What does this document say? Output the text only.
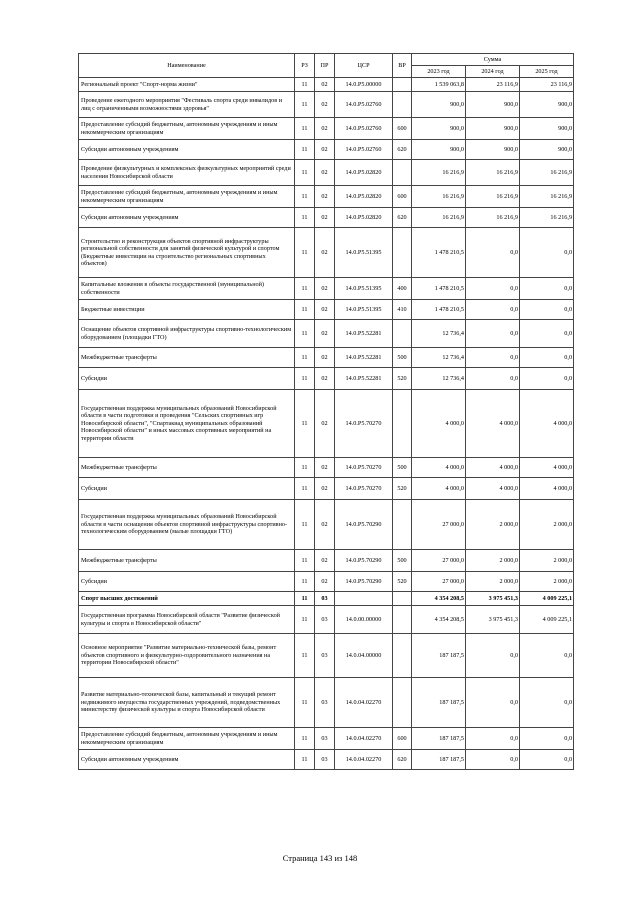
Наименование	РЗ	ПР	ЦСР	ВР	Сумма		
					2023 год	2024 год	2025 год
Региональный проект "Спорт-норма жизни"	11	02	14.0.P5.00000		1 539 063,8	23 116,9	23 116,9
Проведение ежегодного мероприятия "Фестиваль спорта среди инвалидов и лиц с ограниченными возможностями здоровья"	11	02	14.0.P5.02760		900,0	900,0	900,0
Предоставление субсидий бюджетным, автономным учреждениям и иным некоммерческим организациям	11	02	14.0.P5.02760	600	900,0	900,0	900,0
Субсидии автономным учреждениям	11	02	14.0.P5.02760	620	900,0	900,0	900,0
Проведение физкультурных и комплексных физкультурных мероприятий среди населения Новосибирской области	11	02	14.0.P5.02820		16 216,9	16 216,9	16 216,9
Предоставление субсидий бюджетным, автономным учреждениям и иным некоммерческим организациям	11	02	14.0.P5.02820	600	16 216,9	16 216,9	16 216,9
Субсидии автономным учреждениям	11	02	14.0.P5.02820	620	16 216,9	16 216,9	16 216,9
Строительство и реконструкция объектов спортивной инфраструктуры региональной собственности для занятий физической культурой и спортом (Бюджетные инвестиции на строительство региональных спортивных объектов)	11	02	14.0.P5.51395		1 478 210,5	0,0	0,0
Капитальные вложения в объекты государственной (муниципальной) собственности	11	02	14.0.P5.51395	400	1 478 210,5	0,0	0,0
Бюджетные инвестиции	11	02	14.0.P5.51395	410	1 478 210,5	0,0	0,0
Оснащение объектов спортивной инфраструктуры спортивно-технологическим оборудованием (площадки ГТО)	11	02	14.0.P5.52281		12 736,4	0,0	0,0
Межбюджетные трансферты	11	02	14.0.P5.52281	500	12 736,4	0,0	0,0
Субсидии	11	02	14.0.P5.52281	520	12 736,4	0,0	0,0
Государственная поддержка муниципальных образований Новосибирской области в части подготовки и проведения "Сельских спортивных игр Новосибирской области", "Спартакиад муниципальных образований Новосибирской области" и иных массовых спортивных мероприятий на территории области	11	02	14.0.P5.70270		4 000,0	4 000,0	4 000,0
Межбюджетные трансферты	11	02	14.0.P5.70270	500	4 000,0	4 000,0	4 000,0
Субсидии	11	02	14.0.P5.70270	520	4 000,0	4 000,0	4 000,0
Государственная поддержка муниципальных образований Новосибирской области в части оснащения объектов спортивной инфраструктуры спортивно-технологическим оборудованием (малые площадки ГТО)	11	02	14.0.P5.70290		27 000,0	2 000,0	2 000,0
Межбюджетные трансферты	11	02	14.0.P5.70290	500	27 000,0	2 000,0	2 000,0
Субсидии	11	02	14.0.P5.70290	520	27 000,0	2 000,0	2 000,0
Спорт высших достижений	11	03			4 354 208,5	3 975 451,3	4 009 225,1
Государственная программа Новосибирской области "Развитие физической культуры и спорта в Новосибирской области"	11	03	14.0.00.00000		4 354 208,5	3 975 451,3	4 009 225,1
Основное мероприятие "Развитие материально-технической базы, ремонт объектов спортивного и физкультурно-оздоровительного назначения на территории Новосибирской области"	11	03	14.0.04.00000		187 187,5	0,0	0,0
Развитие материально-технической базы, капитальный и текущий ремонт недвижимого имущества государственных учреждений, подведомственных министерству физической культуры и спорта Новосибирской области	11	03	14.0.04.02270		187 187,5	0,0	0,0
Предоставление субсидий бюджетным, автономным учреждениям и иным некоммерческим организациям	11	03	14.0.04.02270	600	187 187,5	0,0	0,0
Субсидии автономным учреждениям	11	03	14.0.04.02270	620	187 187,5	0,0	0,0
Страница 143 из 148
